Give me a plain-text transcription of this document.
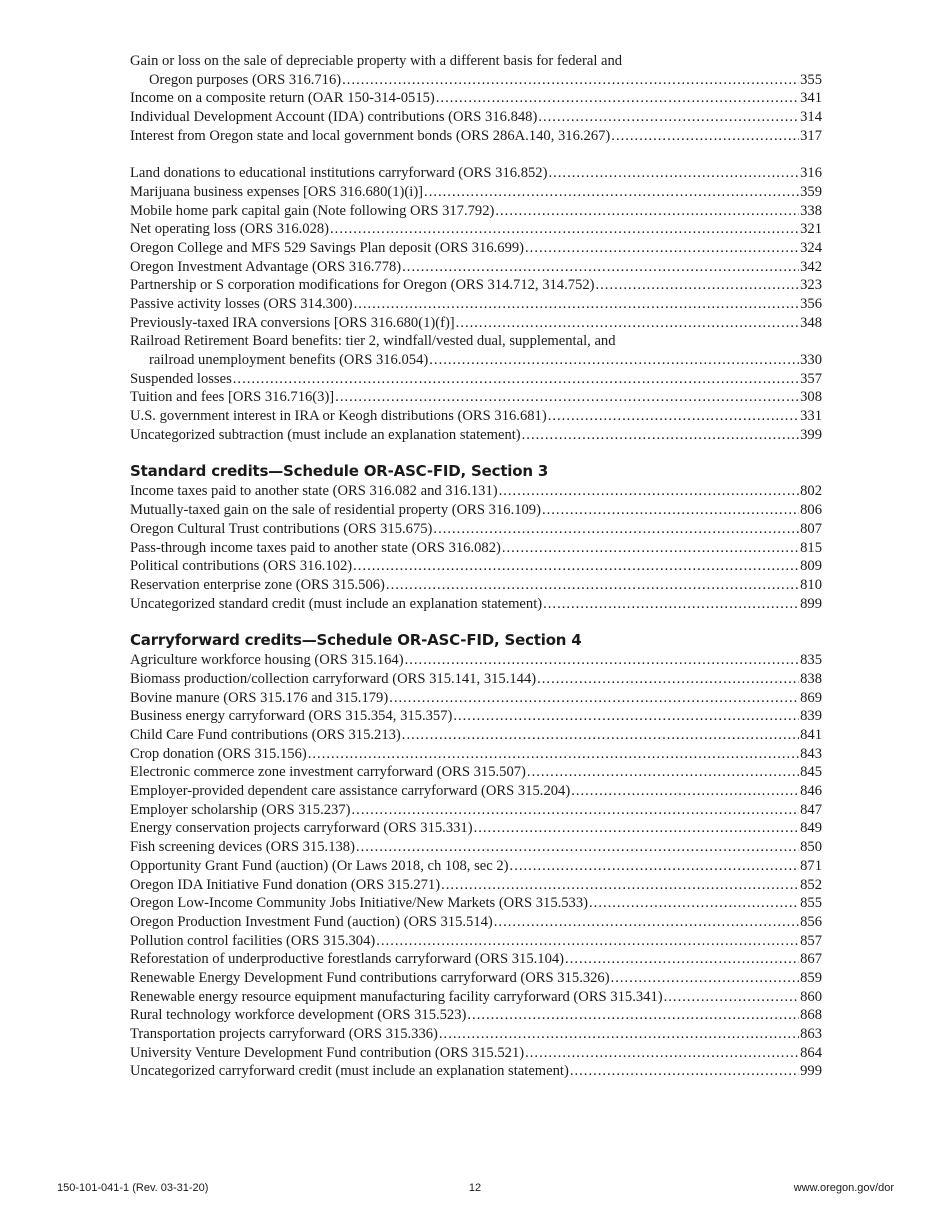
Gain or loss on the sale of depreciable property with a different basis for federal and
Oregon purposes (ORS 316.716) .....	355
Income on a composite return (OAR 150-314-0515) .....	341
Individual Development Account (IDA) contributions (ORS 316.848) .....	314
Interest from Oregon state and local government bonds (ORS 286A.140, 316.267) .....	317
Land donations to educational institutions carryforward (ORS 316.852) .....	316
Marijuana business expenses [ORS 316.680(1)(i)] .....	359
Mobile home park capital gain (Note following ORS 317.792) .....	338
Net operating loss (ORS 316.028) .....	321
Oregon College and MFS 529 Savings Plan deposit (ORS 316.699) .....	324
Oregon Investment Advantage (ORS 316.778) .....	342
Partnership or S corporation modifications for Oregon (ORS 314.712, 314.752) .....	323
Passive activity losses (ORS 314.300) .....	356
Previously-taxed IRA conversions [ORS 316.680(1)(f)] .....	348
Railroad Retirement Board benefits: tier 2, windfall/vested dual, supplemental, and
railroad unemployment benefits (ORS 316.054) .....	330
Suspended losses .....	357
Tuition and fees [ORS 316.716(3)] .....	308
U.S. government interest in IRA or Keogh distributions (ORS 316.681) .....	331
Uncategorized subtraction (must include an explanation statement) .....	399
Standard credits—Schedule OR-ASC-FID, Section 3
Income taxes paid to another state (ORS 316.082 and 316.131) .....	802
Mutually-taxed gain on the sale of residential property (ORS 316.109) .....	806
Oregon Cultural Trust contributions (ORS 315.675) .....	807
Pass-through income taxes paid to another state (ORS 316.082) .....	815
Political contributions (ORS 316.102) .....	809
Reservation enterprise zone (ORS 315.506) .....	810
Uncategorized standard credit (must include an explanation statement) .....	899
Carryforward credits—Schedule OR-ASC-FID, Section 4
Agriculture workforce housing (ORS 315.164) .....	835
Biomass production/collection carryforward (ORS 315.141, 315.144) .....	838
Bovine manure (ORS 315.176 and 315.179) .....	869
Business energy carryforward (ORS 315.354, 315.357) .....	839
Child Care Fund contributions (ORS 315.213) .....	841
Crop donation (ORS 315.156) .....	843
Electronic commerce zone investment carryforward (ORS 315.507) .....	845
Employer-provided dependent care assistance carryforward (ORS 315.204) .....	846
Employer scholarship (ORS 315.237) .....	847
Energy conservation projects carryforward (ORS 315.331) .....	849
Fish screening devices (ORS 315.138) .....	850
Opportunity Grant Fund (auction) (Or Laws 2018, ch 108, sec 2) .....	871
Oregon IDA Initiative Fund donation (ORS 315.271) .....	852
Oregon Low-Income Community Jobs Initiative/New Markets (ORS 315.533) .....	855
Oregon Production Investment Fund (auction) (ORS 315.514) .....	856
Pollution control facilities (ORS 315.304) .....	857
Reforestation of underproductive forestlands carryforward (ORS 315.104) .....	867
Renewable Energy Development Fund contributions carryforward (ORS 315.326) .....	859
Renewable energy resource equipment manufacturing facility carryforward (ORS 315.341) .....	860
Rural technology workforce development (ORS 315.523) .....	868
Transportation projects carryforward (ORS 315.336) .....	863
University Venture Development Fund contribution (ORS 315.521) .....	864
Uncategorized carryforward credit (must include an explanation statement) .....	999
150-101-041-1 (Rev. 03-31-20)	12	www.oregon.gov/dor
